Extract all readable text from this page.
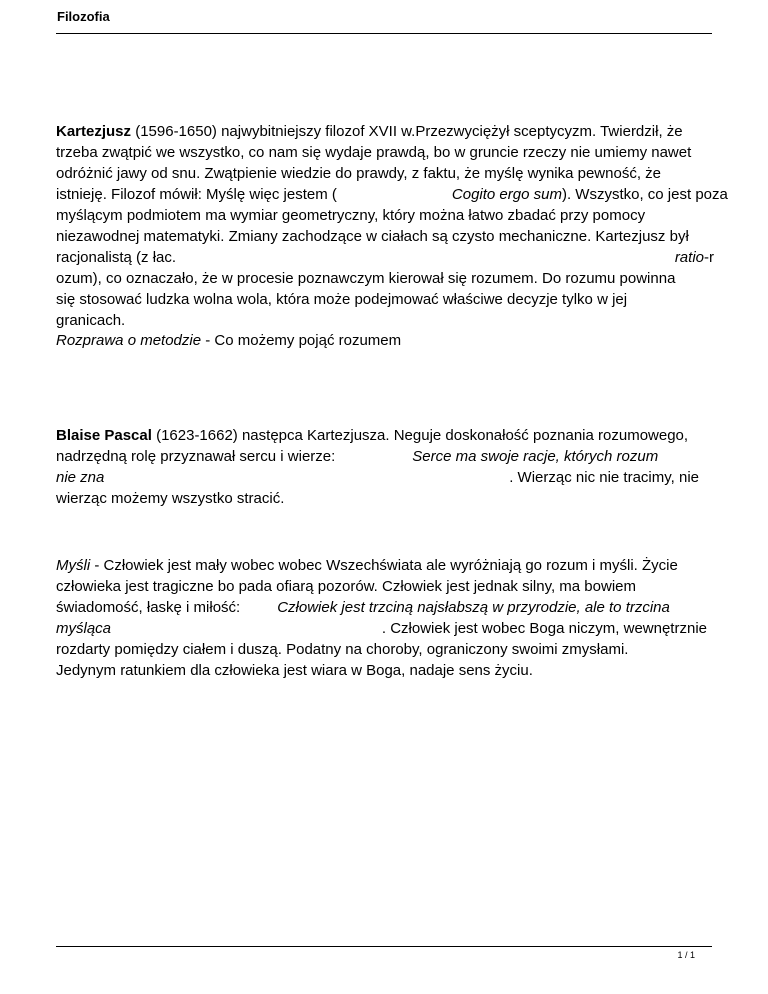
Filozofia
Kartezjusz (1596-1650) najwybitniejszy filozof XVII w.Przezwyciężył sceptycyzm. Twierdził, że
trzeba zwątpić we wszystko, co nam się wydaje prawdą, bo w gruncie rzeczy nie umiemy nawet
odróżnić jawy od snu. Zwątpienie wiedzie do prawdy, z faktu, że myślę wynika pewność, że
istnieję. Filozof mówił: Myślę więc jestem (	Cogito ergo sum). Wszystko, co jest poza
myślącym podmiotem ma wymiar geometryczny, który można łatwo zbadać przy pomocy
niezawodnej matematyki. Zmiany zachodzące w ciałach są czysto mechaniczne. Kartezjusz był
racjonalistą (z łac.	ratio-r
ozum), co oznaczało, że w procesie poznawczym kierował się rozumem. Do rozumu powinna
się stosować ludzka wolna wola, która może podejmować właściwe decyzje tylko w jej
granicach.
Rozprawa o metodzie - Co możemy pojąć rozumem
Blaise Pascal (1623-1662) następca Kartezjusza. Neguje doskonałość poznania rozumowego,
nadrzędną rolę przyznawał sercu i wierze:	Serce ma swoje racje, których rozum
nie zna	. Wierząc nic nie tracimy, nie
wierząc możemy wszystko stracić.
Myśli - Człowiek jest mały wobec wobec Wszechświata ale wyróżniają go rozum i myśli. Życie
człowieka jest tragiczne bo pada ofiarą pozorów. Człowiek jest jednak silny, ma bowiem
świadomość, łaskę i miłość: Człowiek jest trzciną najsłabszą w przyrodzie, ale to trzcina
myśląca	. Człowiek jest wobec Boga niczym, wewnętrznie
rozdarty pomiędzy ciałem i duszą. Podatny na choroby, ograniczony swoimi zmysłami.
Jedynym ratunkiem dla człowieka jest wiara w Boga, nadaje sens życiu.
1 / 1
